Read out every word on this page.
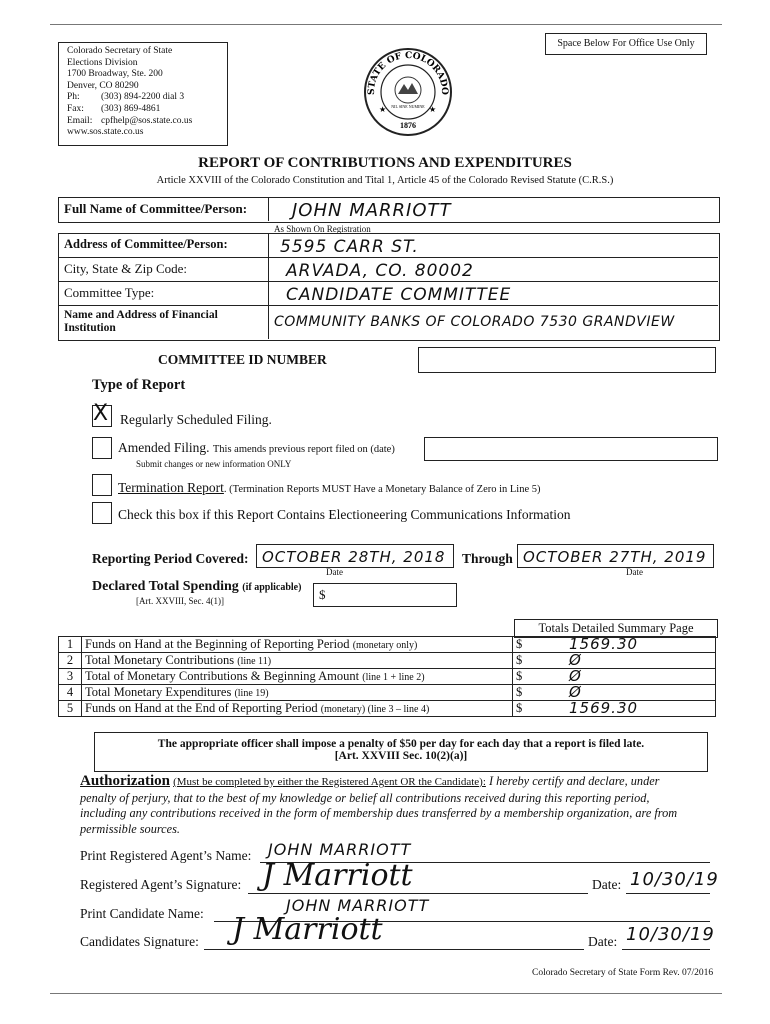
Space Below For Office Use Only
Colorado Secretary of State
Elections Division
1700 Broadway, Ste. 200
Denver, CO 80290
Ph: (303) 894-2200 dial 3
Fax: (303) 869-4861
Email: cpfhelp@sos.state.co.us
www.sos.state.co.us
STATE OF COLORADO
NIL SINE NUMINE
1876
★	★
REPORT OF CONTRIBUTIONS AND EXPENDITURES
Article XXVIII of the Colorado Constitution and Tital 1, Article 45 of the Colorado Revised Statute (C.R.S.)
Full Name of Committee/Person: JOHN MARRIOTT
As Shown On Registration
Address of Committee/Person:	5595 CARR ST.
City, State & Zip Code:	ARVADA, CO. 80002
Committee Type:	CANDIDATE COMMITTEE
Name and Address of Financial
Institution	COMMUNITY BANKS OF COLORADO 7530 GRANDVIEW
COMMITTEE ID NUMBER
Type of Report
X Regularly Scheduled Filing.
Amended Filing. This amends previous report filed on (date)
Submit changes or new information ONLY
Termination Report. (Termination Reports MUST Have a Monetary Balance of Zero in Line 5)
Check this box if this Report Contains Electioneering Communications Information
Reporting Period Covered: OCTOBER 28TH, 2018
Date
Through OCTOBER 27TH, 2019
Date
Declared Total Spending (if applicable)
[Art. XXVIII, Sec. 4(1)]	$
Totals Detailed Summary Page
1	Funds on Hand at the Beginning of Reporting Period (monetary only)	$ 1569.30

2	Total Monetary Contributions (line 11)	$ Ø

3	Total of Monetary Contributions & Beginning Amount (line 1 + line 2)	$ Ø

4	Total Monetary Expenditures (line 19)	$ Ø

5	Funds on Hand at the End of Reporting Period (monetary) (line 3 – line 4)	$ 1569.30
The appropriate officer shall impose a penalty of $50 per day for each day that a report is filed late.
[Art. XXVIII Sec. 10(2)(a)]
Authorization (Must be completed by either the Registered Agent OR the Candidate): I hereby certify and declare, under
penalty of perjury, that to the best of my knowledge or belief all contributions received during this reporting period,
including any contributions received in the form of membership dues transferred by a membership organization, are from
permissible sources.
Print Registered Agent’s Name: JOHN MARRIOTT
Registered Agent’s Signature: J Marriott	Date: 10/30/19
Print Candidate Name:	JOHN MARRIOTT
Candidates Signature: J Marriott	Date: 10/30/19
Colorado Secretary of State Form Rev. 07/2016
